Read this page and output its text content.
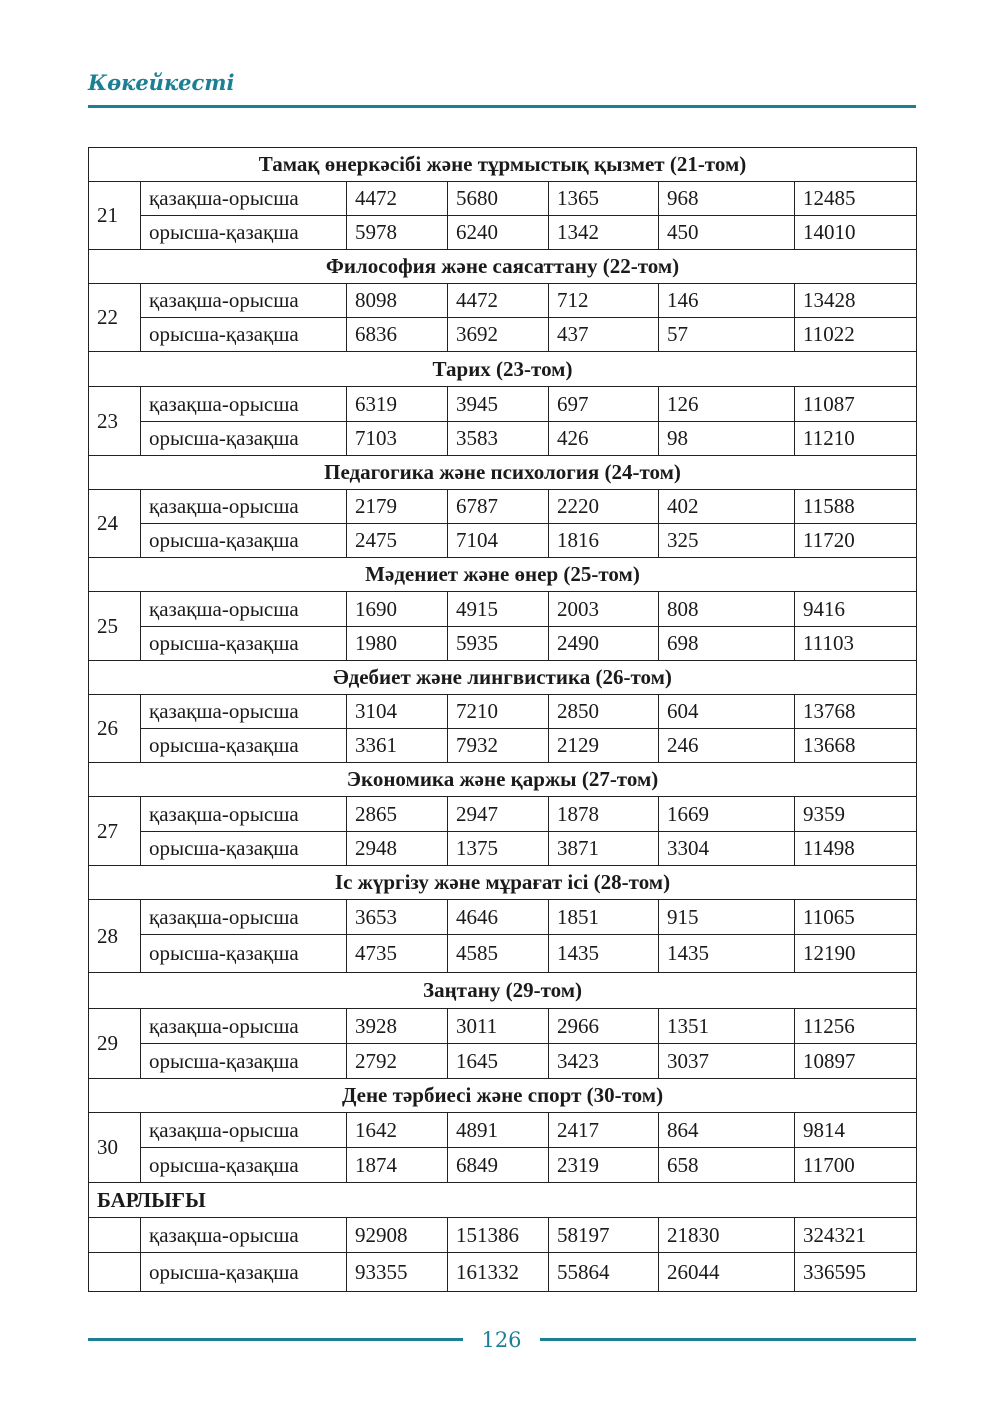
Көкейкесті
Тамақ өнеркәсібі және тұрмыстық қызмет (21-том)						
21	қазақша-орысша	4472	5680	1365	968	12485
	орысша-қазақша	5978	6240	1342	450	14010
Философия және саясаттану (22-том)						
22	қазақша-орысша	8098	4472	712	146	13428
	орысша-қазақша	6836	3692	437	57	11022
Тарих (23-том)						
23	қазақша-орысша	6319	3945	697	126	11087
	орысша-қазақша	7103	3583	426	98	11210
Педагогика және психология (24-том)						
24	қазақша-орысша	2179	6787	2220	402	11588
	орысша-қазақша	2475	7104	1816	325	11720
Мәдениет және өнер (25-том)						
25	қазақша-орысша	1690	4915	2003	808	9416
	орысша-қазақша	1980	5935	2490	698	11103
Әдебиет және лингвистика (26-том)						
26	қазақша-орысша	3104	7210	2850	604	13768
	орысша-қазақша	3361	7932	2129	246	13668
Экономика және қаржы (27-том)						
27	қазақша-орысша	2865	2947	1878	1669	9359
	орысша-қазақша	2948	1375	3871	3304	11498
Іс жүргізу және мұрағат ісі (28-том)						
28	қазақша-орысша	3653	4646	1851	915	11065
	орысша-қазақша	4735	4585	1435	1435	12190
Заңтану (29-том)						
29	қазақша-орысша	3928	3011	2966	1351	11256
	орысша-қазақша	2792	1645	3423	3037	10897
Дене тәрбиесі және спорт (30-том)						
30	қазақша-орысша	1642	4891	2417	864	9814
	орысша-қазақша	1874	6849	2319	658	11700
БАРЛЫҒЫ						
	қазақша-орысша	92908	151386	58197	21830	324321
	орысша-қазақша	93355	161332	55864	26044	336595
126
